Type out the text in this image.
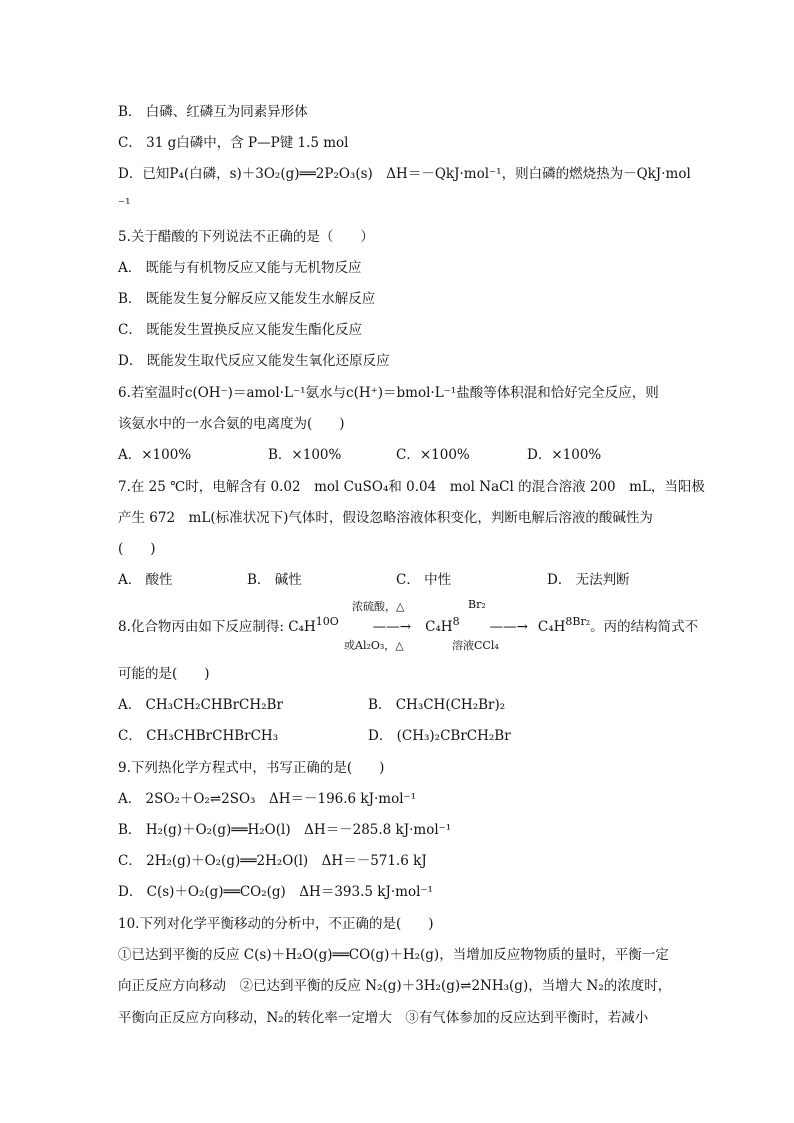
B． 白磷、红磷互为同素异形体
C． 31 g白磷中，含 P—P键 1.5 mol
D．已知P₄(白磷，s)＋3O₂(g)══2P₂O₃(s)　ΔH＝－QkJ·mol⁻¹，则白磷的燃烧热为－QkJ·mol
⁻¹
5.关于醋酸的下列说法不正确的是（　　）
A． 既能与有机物反应又能与无机物反应
B． 既能发生复分解反应又能发生水解反应
C． 既能发生置换反应又能发生酯化反应
D． 既能发生取代反应又能发生氧化还原反应
6.若室温时c(OH⁻)＝amol·L⁻¹氨水与c(H⁺)＝bmol·L⁻¹盐酸等体积混和恰好完全反应，则
该氨水中的一水合氨的电离度为(　　)
A．×100%	B．×100%	C．×100%	D．×100%
7.在 25 ℃时，电解含有 0.02　mol CuSO₄和 0.04　mol NaCl 的混合溶液 200　mL，当阳极
产生 672　mL(标准状况下)气体时，假设忽略溶液体积变化，判断电解后溶液的酸碱性为
(　　)
A． 酸性	B． 碱性	C． 中性	D． 无法判断
浓硫酸，△	Br₂
8.化合物丙由如下反应制得: $C_4H^{10O}$	——→ $C_4H^8$ ——→ $C_4H^{8Br_2}$。丙的结构简式不
或Al₂O₃，△	溶液CCl₄
可能的是(　　)
A． CH₃CH₂CHBrCH₂Br	B． CH₃CH(CH₂Br)₂
C． CH₃CHBrCHBrCH₃	D． (CH₃)₂CBrCH₂Br
9.下列热化学方程式中，书写正确的是(　　)
A． 2SO₂＋O₂⇌2SO₃　ΔH＝－196.6 kJ·mol⁻¹
B． H₂(g)＋O₂(g)══H₂O(l)　ΔH＝－285.8 kJ·mol⁻¹
C． 2H₂(g)＋O₂(g)══2H₂O(l)　ΔH＝－571.6 kJ
D． C(s)＋O₂(g)══CO₂(g)　ΔH＝393.5 kJ·mol⁻¹
10.下列对化学平衡移动的分析中，不正确的是(　　)
①已达到平衡的反应 C(s)＋H₂O(g)══CO(g)＋H₂(g)，当增加反应物物质的量时，平衡一定
向正反应方向移动　②已达到平衡的反应 N₂(g)＋3H₂(g)⇌2NH₃(g)，当增大 N₂的浓度时，
平衡向正反应方向移动，N₂的转化率一定增大　③有气体参加的反应达到平衡时，若减小
